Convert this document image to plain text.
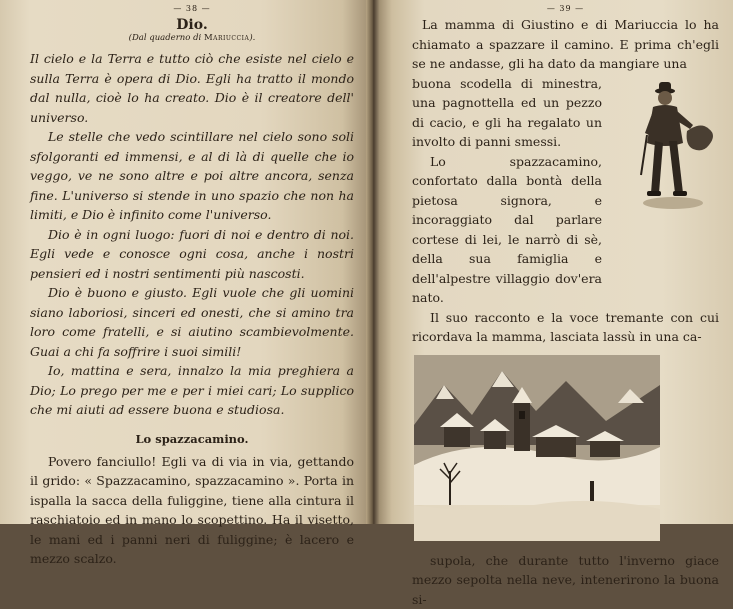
— 38 —
Dio.
(Dal quaderno di Mariuccia).

Il cielo e la Terra e tutto ciò che esiste nel cielo e sulla Terra è opera di Dio. Egli ha tratto il mondo dal nulla, cioè lo ha creato. Dio è il creatore dell' universo.

Le stelle che vedo scintillare nel cielo sono soli sfolgoranti ed immensi, e al di là di quelle che io veggo, ve ne sono altre e poi altre ancora, senza fine. L'universo si stende in uno spazio che non ha limiti, e Dio è infinito come l'universo.

Dio è in ogni luogo: fuori di noi e dentro di noi. Egli vede e conosce ogni cosa, anche i nostri pensieri ed i nostri sentimenti più nascosti.

Dio è buono e giusto. Egli vuole che gli uomini siano laboriosi, sinceri ed onesti, che si amino tra loro come fratelli, e si aiutino scambievolmente. Guai a chi fa soffrire i suoi simili!

Io, mattina e sera, innalzo la mia preghiera a Dio; Lo prego per me e per i miei cari; Lo supplico che mi aiuti ad essere buona e studiosa.

Lo spazzacamino.

Povero fanciullo! Egli va di via in via, gettando il grido: « Spazzacamino, spazzacamino ». Porta in ispalla la sacca della fuliggine, tiene alla cintura il raschiatoio ed in mano lo scopettino. Ha il visetto, le mani ed i panni neri di fuliggine; è lacero e mezzo scalzo.

— 39 —

La mamma di Giustino e di Mariuccia lo ha chiamato a spazzare il camino. E prima ch'egli se ne andasse, gli ha dato da mangiare una

buona scodella di minestra, una pagnottella ed un pezzo di cacio, e gli ha regalato un involto di panni smessi.

Lo spazzacamino, confortato dalla bontà della pietosa signora, e incoraggiato dal parlare cortese di lei, le narrò di sè, della sua famiglia e dell'alpestre villaggio dov'era nato.

Il suo racconto e la voce tremante con cui ricordava la mamma, lasciata lassù in una ca-

supola, che durante tutto l'inverno giace mezzo sepolta nella neve, intenerirono la buona si-
